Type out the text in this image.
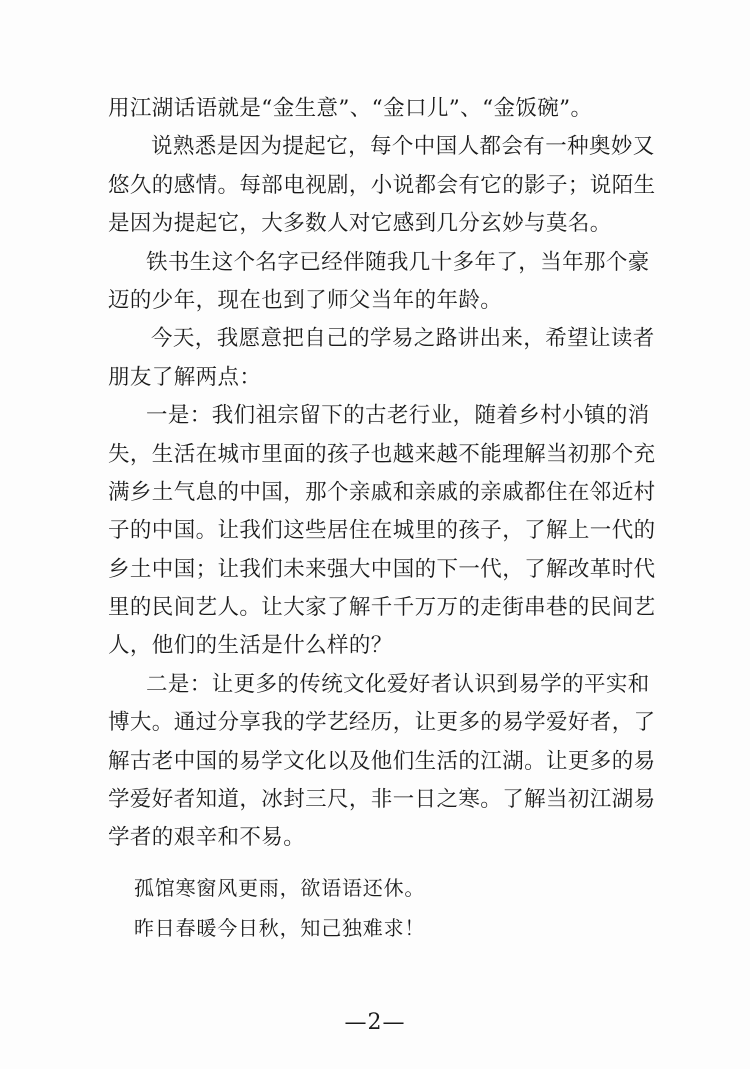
用江湖话语就是“金生意”、“金口儿”、“金饭碗”。
说熟悉是因为提起它，每个中国人都会有一种奥妙又
悠久的感情。每部电视剧，小说都会有它的影子；说陌生
是因为提起它，大多数人对它感到几分玄妙与莫名。
铁书生这个名字已经伴随我几十多年了，当年那个豪
迈的少年，现在也到了师父当年的年龄。
今天，我愿意把自己的学易之路讲出来，希望让读者
朋友了解两点：
一是：我们祖宗留下的古老行业，随着乡村小镇的消
失，生活在城市里面的孩子也越来越不能理解当初那个充
满乡土气息的中国，那个亲戚和亲戚的亲戚都住在邻近村
子的中国。让我们这些居住在城里的孩子，了解上一代的
乡土中国；让我们未来强大中国的下一代，了解改革时代
里的民间艺人。让大家了解千千万万的走街串巷的民间艺
人，他们的生活是什么样的？
二是：让更多的传统文化爱好者认识到易学的平实和
博大。通过分享我的学艺经历，让更多的易学爱好者，了
解古老中国的易学文化以及他们生活的江湖。让更多的易
学爱好者知道，冰封三尺，非一日之寒。了解当初江湖易
学者的艰辛和不易。
孤馆寒窗风更雨，欲语语还休。
昨日春暖今日秋，知己独难求！
—2—
